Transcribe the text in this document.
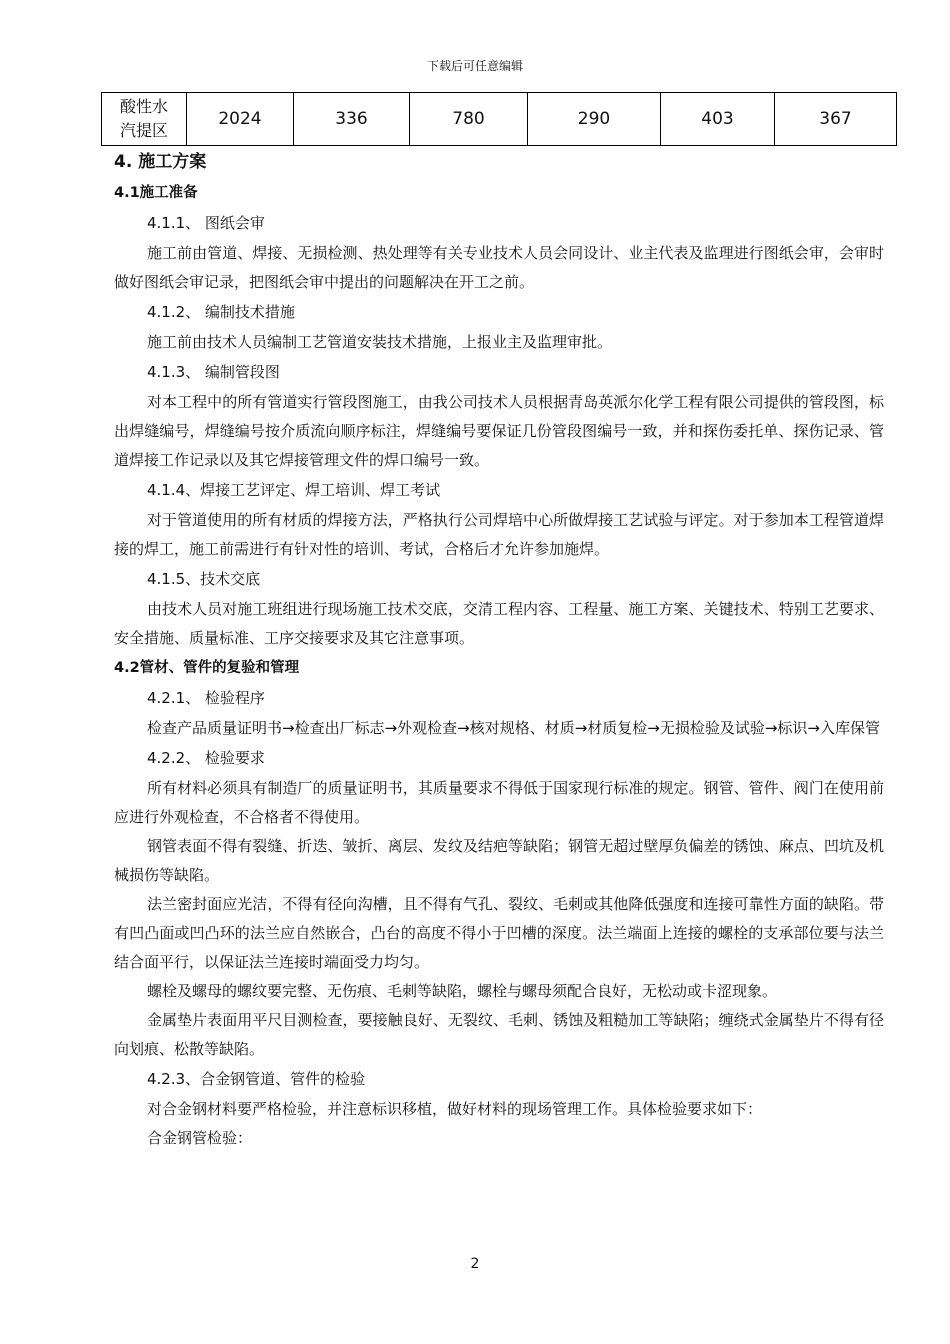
下载后可任意编辑
酸性水
汽提区
	2024	336	780	290	403	367

4. 施工方案

4.1施工准备

4.1.1、 图纸会审

施工前由管道、焊接、无损检测、热处理等有关专业技术人员会同设计、业主代表及监理进行图纸会审，会审时做好图纸会审记录，把图纸会审中提出的问题解决在开工之前。

4.1.2、 编制技术措施

施工前由技术人员编制工艺管道安装技术措施，上报业主及监理审批。

4.1.3、 编制管段图

对本工程中的所有管道实行管段图施工，由我公司技术人员根据青岛英派尔化学工程有限公司提供的管段图，标出焊缝编号，焊缝编号按介质流向顺序标注，焊缝编号要保证几份管段图编号一致，并和探伤委托单、探伤记录、管道焊接工作记录以及其它焊接管理文件的焊口编号一致。

4.1.4、焊接工艺评定、焊工培训、焊工考试

对于管道使用的所有材质的焊接方法，严格执行公司焊培中心所做焊接工艺试验与评定。对于参加本工程管道焊接的焊工，施工前需进行有针对性的培训、考试，合格后才允许参加施焊。

4.1.5、技术交底

由技术人员对施工班组进行现场施工技术交底，交清工程内容、工程量、施工方案、关键技术、特别工艺要求、安全措施、质量标准、工序交接要求及其它注意事项。

4.2管材、管件的复验和管理

4.2.1、 检验程序

检查产品质量证明书→检查出厂标志→外观检查→核对规格、材质→材质复检→无损检验及试验→标识→入库保管

4.2.2、 检验要求

所有材料必须具有制造厂的质量证明书，其质量要求不得低于国家现行标准的规定。钢管、管件、阀门在使用前应进行外观检查，不合格者不得使用。

钢管表面不得有裂缝、折迭、皱折、离层、发纹及结疤等缺陷；钢管无超过壁厚负偏差的锈蚀、麻点、凹坑及机械损伤等缺陷。

法兰密封面应光洁，不得有径向沟槽，且不得有气孔、裂纹、毛刺或其他降低强度和连接可靠性方面的缺陷。带有凹凸面或凹凸环的法兰应自然嵌合，凸台的高度不得小于凹槽的深度。法兰端面上连接的螺栓的支承部位要与法兰结合面平行，以保证法兰连接时端面受力均匀。

螺栓及螺母的螺纹要完整、无伤痕、毛刺等缺陷，螺栓与螺母须配合良好，无松动或卡涩现象。

金属垫片表面用平尺目测检查，要接触良好、无裂纹、毛刺、锈蚀及粗糙加工等缺陷；缠绕式金属垫片不得有径向划痕、松散等缺陷。

4.2.3、合金钢管道、管件的检验

对合金钢材料要严格检验，并注意标识移植，做好材料的现场管理工作。具体检验要求如下：

合金钢管检验：

2
